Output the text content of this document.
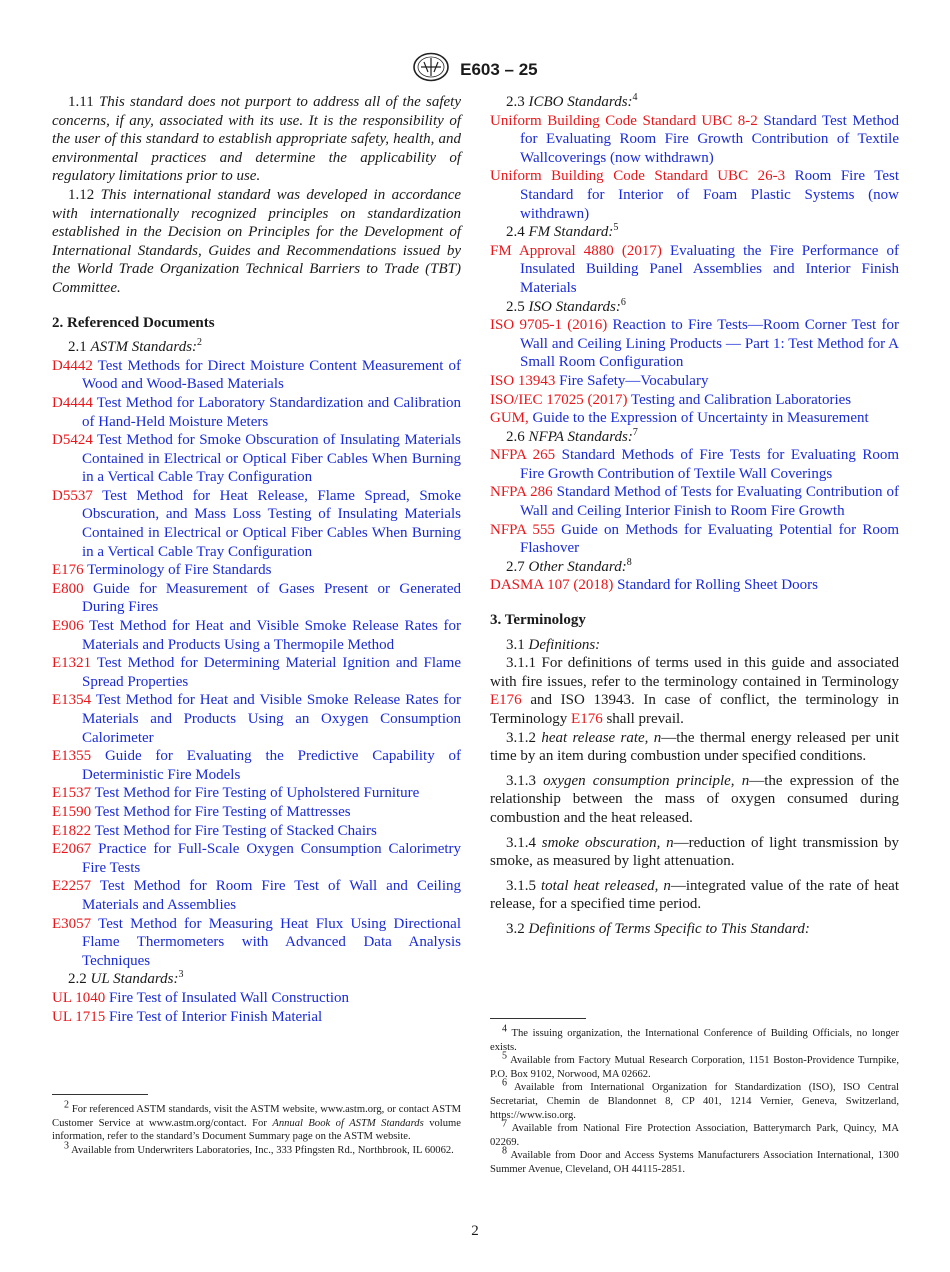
E603 – 25

1.11 This standard does not purport to address all of the safety concerns, if any, associated with its use. It is the responsibility of the user of this standard to establish appropriate safety, health, and environmental practices and determine the applicability of regulatory limitations prior to use.

1.12 This international standard was developed in accordance with internationally recognized principles on standardization established in the Decision on Principles for the Development of International Standards, Guides and Recommendations issued by the World Trade Organization Technical Barriers to Trade (TBT) Committee.

2. Referenced Documents

2.1 ASTM Standards:$^2$

D4442 Test Methods for Direct Moisture Content Measurement of Wood and Wood-Based Materials

D4444 Test Method for Laboratory Standardization and Calibration of Hand-Held Moisture Meters

D5424 Test Method for Smoke Obscuration of Insulating Materials Contained in Electrical or Optical Fiber Cables When Burning in a Vertical Cable Tray Configuration

D5537 Test Method for Heat Release, Flame Spread, Smoke Obscuration, and Mass Loss Testing of Insulating Materials Contained in Electrical or Optical Fiber Cables When Burning in a Vertical Cable Tray Configuration

E176 Terminology of Fire Standards

E800 Guide for Measurement of Gases Present or Generated During Fires

E906 Test Method for Heat and Visible Smoke Release Rates for Materials and Products Using a Thermopile Method

E1321 Test Method for Determining Material Ignition and Flame Spread Properties

E1354 Test Method for Heat and Visible Smoke Release Rates for Materials and Products Using an Oxygen Consumption Calorimeter

E1355 Guide for Evaluating the Predictive Capability of Deterministic Fire Models

E1537 Test Method for Fire Testing of Upholstered Furniture

E1590 Test Method for Fire Testing of Mattresses

E1822 Test Method for Fire Testing of Stacked Chairs

E2067 Practice for Full-Scale Oxygen Consumption Calorimetry Fire Tests

E2257 Test Method for Room Fire Test of Wall and Ceiling Materials and Assemblies

E3057 Test Method for Measuring Heat Flux Using Directional Flame Thermometers with Advanced Data Analysis Techniques

2.2 UL Standards:$^3$

UL 1040 Fire Test of Insulated Wall Construction

UL 1715 Fire Test of Interior Finish Material

$^2$ For referenced ASTM standards, visit the ASTM website, www.astm.org, or contact ASTM Customer Service at www.astm.org/contact. For Annual Book of ASTM Standards volume information, refer to the standard’s Document Summary page on the ASTM website.

$^3$ Available from Underwriters Laboratories, Inc., 333 Pfingsten Rd., Northbrook, IL 60062.

2.3 ICBO Standards:$^4$

Uniform Building Code Standard UBC 8-2 Standard Test Method for Evaluating Room Fire Growth Contribution of Textile Wallcoverings (now withdrawn)

Uniform Building Code Standard UBC 26-3 Room Fire Test Standard for Interior of Foam Plastic Systems (now withdrawn)

2.4 FM Standard:$^5$

FM Approval 4880 (2017) Evaluating the Fire Performance of Insulated Building Panel Assemblies and Interior Finish Materials

2.5 ISO Standards:$^6$

ISO 9705-1 (2016) Reaction to Fire Tests—Room Corner Test for Wall and Ceiling Lining Products — Part 1: Test Method for A Small Room Configuration

ISO 13943 Fire Safety—Vocabulary

ISO/IEC 17025 (2017) Testing and Calibration Laboratories

GUM, Guide to the Expression of Uncertainty in Measurement

2.6 NFPA Standards:$^7$

NFPA 265 Standard Methods of Fire Tests for Evaluating Room Fire Growth Contribution of Textile Wall Coverings

NFPA 286 Standard Method of Tests for Evaluating Contribution of Wall and Ceiling Interior Finish to Room Fire Growth

NFPA 555 Guide on Methods for Evaluating Potential for Room Flashover

2.7 Other Standard:$^8$

DASMA 107 (2018) Standard for Rolling Sheet Doors

3. Terminology

3.1 Definitions:

3.1.1 For definitions of terms used in this guide and associated with fire issues, refer to the terminology contained in Terminology E176 and ISO 13943. In case of conflict, the terminology in Terminology E176 shall prevail.

3.1.2 heat release rate, n—the thermal energy released per unit time by an item during combustion under specified conditions.

3.1.3 oxygen consumption principle, n—the expression of the relationship between the mass of oxygen consumed during combustion and the heat released.

3.1.4 smoke obscuration, n—reduction of light transmission by smoke, as measured by light attenuation.

3.1.5 total heat released, n—integrated value of the rate of heat release, for a specified time period.

3.2 Definitions of Terms Specific to This Standard:

$^4$ The issuing organization, the International Conference of Building Officials, no longer exists.

$^5$ Available from Factory Mutual Research Corporation, 1151 Boston-Providence Turnpike, P.O. Box 9102, Norwood, MA 02662.

$^6$ Available from International Organization for Standardization (ISO), ISO Central Secretariat, Chemin de Blandonnet 8, CP 401, 1214 Vernier, Geneva, Switzerland, https://www.iso.org.

$^7$ Available from National Fire Protection Association, Batterymarch Park, Quincy, MA 02269.

$^8$ Available from Door and Access Systems Manufacturers Association International, 1300 Summer Avenue, Cleveland, OH 44115-2851.

2
